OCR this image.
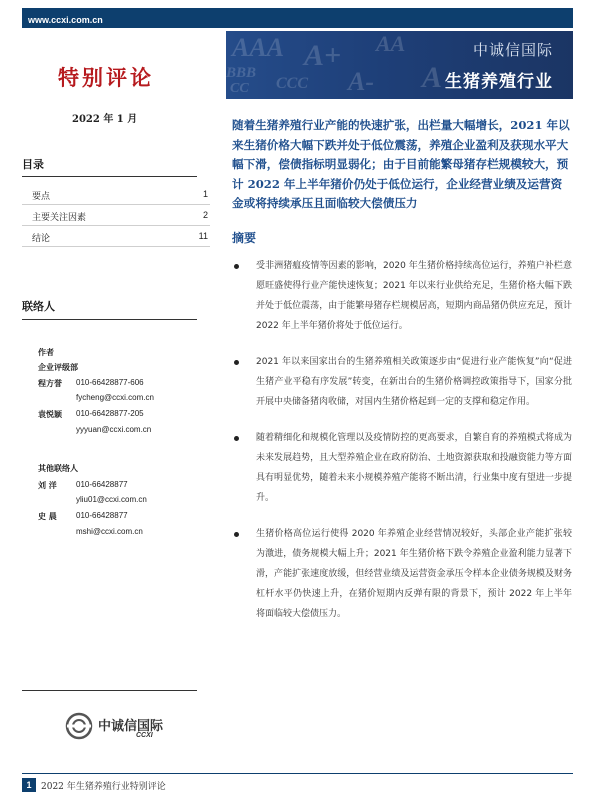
www.ccxi.com.cn
AAA
BBB
A+
CCC A-
AA
CC	A
中诚信国际
生猪养殖行业
特别评论
2022 年 1 月
目录
要点	1
主要关注因素	2
结论	11
联络人
作者
企业评级部
程方誉 010-66428877-606
fycheng@ccxi.com.cn
袁悦颖 010-66428877-205
yyyuan@ccxi.com.cn
其他联络人
刘 洋 010-66428877
yliu01@ccxi.com.cn
史 晨 010-66428877
mshi@ccxi.com.cn
随着生猪养殖行业产能的快速扩张，出栏量大幅增长，2021 年以来生猪价格大幅下跌并处于低位震荡，养殖企业盈利及获现水平大幅下滑，偿债指标明显弱化；由于目前能繁母猪存栏规模较大，预计 2022 年上半年猪价仍处于低位运行，企业经营业绩及运营资金或将持续承压且面临较大偿债压力
摘要
受非洲猪瘟疫情等因素的影响，2020 年生猪价格持续高位运行，养殖户补栏意愿旺盛使得行业产能快速恢复；2021 年以来行业供给充足，生猪价格大幅下跌并处于低位震荡，由于能繁母猪存栏规模居高，短期内商品猪仍供应充足，预计 2022 年上半年猪价将处于低位运行。
2021 年以来国家出台的生猪养殖相关政策逐步由“促进行业产能恢复”向“促进生猪产业平稳有序发展”转变，在新出台的生猪价格调控政策指导下，国家分批开展中央储备猪肉收储，对国内生猪价格起到一定的支撑和稳定作用。
随着精细化和规模化管理以及疫情防控的更高要求，自繁自育的养殖模式将成为未来发展趋势，且大型养殖企业在政府防治、土地资源获取和投融资能力等方面具有明显优势，随着未来小规模养殖产能将不断出清，行业集中度有望进一步提升。
生猪价格高位运行使得 2020 年养殖企业经营情况较好，头部企业产能扩张较为激进，债务规模大幅上升；2021 年生猪价格下跌令养殖企业盈利能力显著下滑，产能扩张速度放缓，但经营业绩及运营资金承压令样本企业债务规模及财务杠杆水平仍快速上升，在猪价短期内反弹有限的背景下，预计 2022 年上半年将面临较大偿债压力。
中诚信国际
CCXI
1	2022 年生猪养殖行业特别评论
